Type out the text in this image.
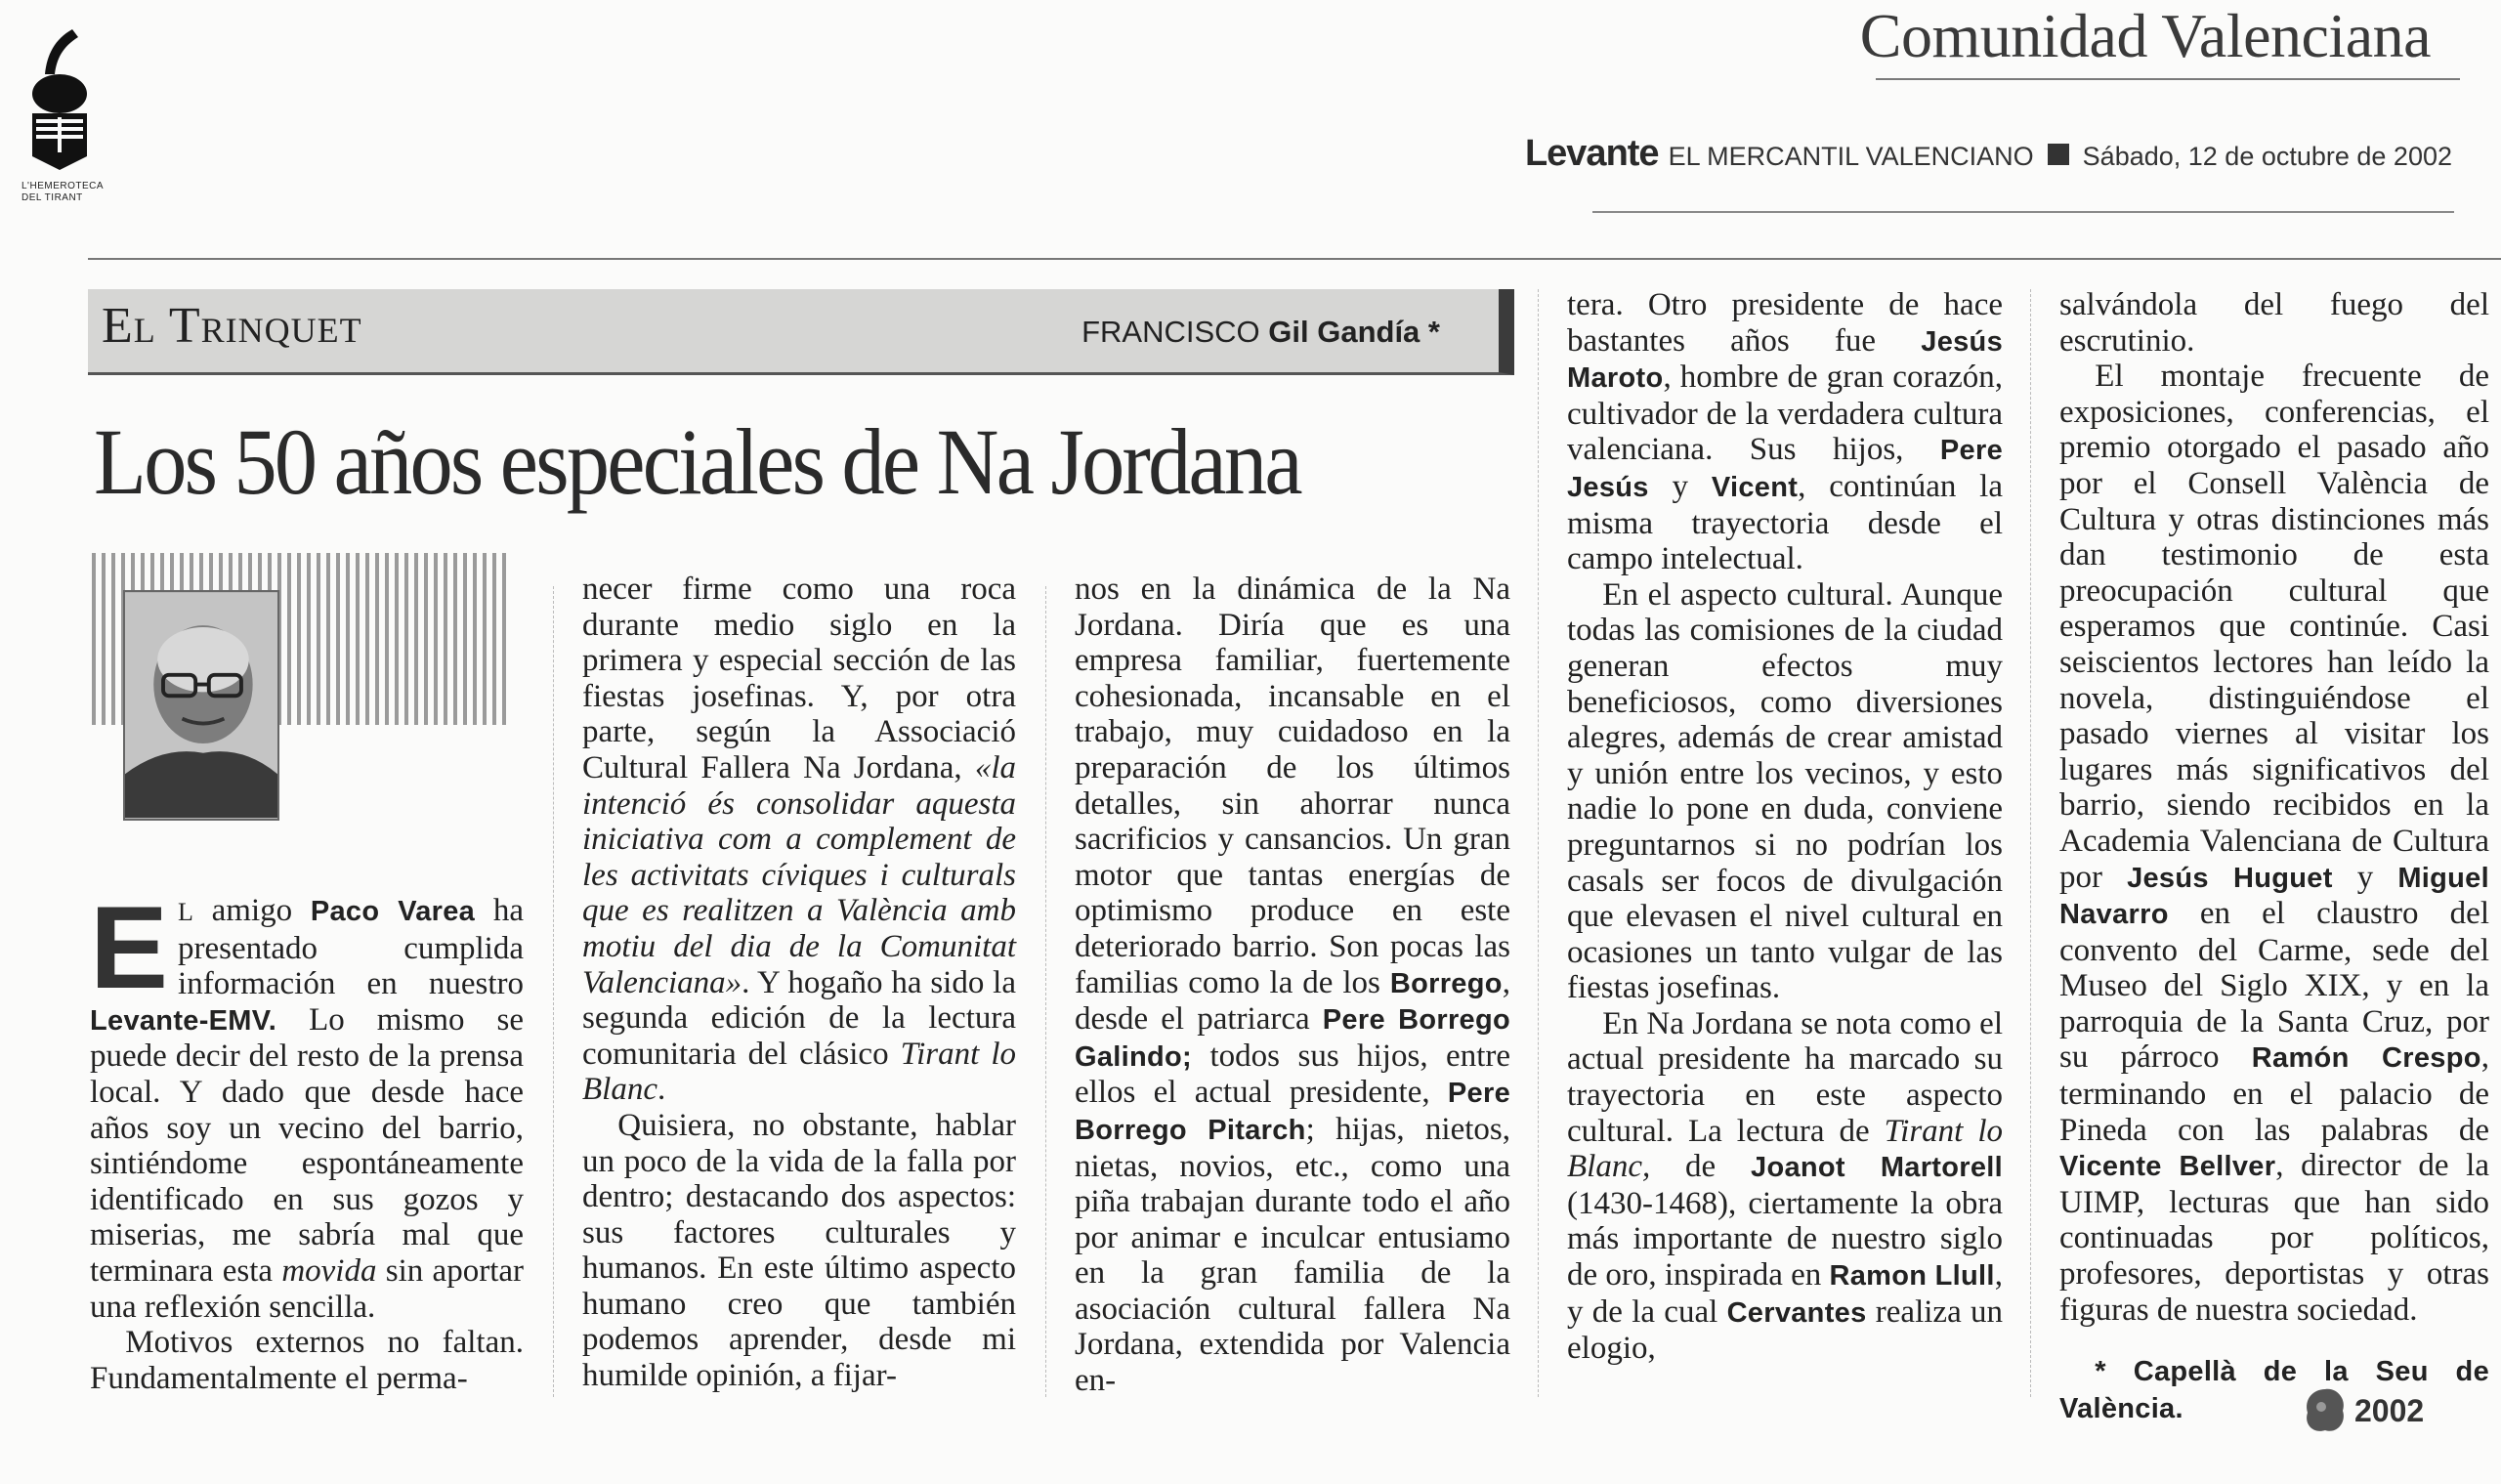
L'HEMEROTECA
DEL TIRANT
Comunidad Valenciana
Levante EL MERCANTIL VALENCIANO Sábado, 12 de octubre de 2002
El Trinquet	FRANCISCO Gil Gandía *
Los 50 años especiales de Na Jordana

E L amigo Paco Varea ha presentado cumplida información en nuestro Levante-EMV. Lo mismo se puede decir del resto de la prensa local. Y dado que desde hace años soy un vecino del barrio, sintiéndome espontáneamente identificado en sus gozos y miserias, me sabría mal que terminara esta movida sin aportar una reflexión sencilla.

Motivos externos no faltan. Fundamentalmente el perma-

necer firme como una roca durante medio siglo en la primera y especial sección de las fiestas josefinas. Y, por otra parte, según la Associació Cultural Fallera Na Jordana, «la intenció és consolidar aquesta iniciativa com a complement de les activitats cíviques i culturals que es realitzen a València amb motiu del dia de la Comunitat Valenciana». Y hogaño ha sido la segunda edición de la lectura comunitaria del clásico Tirant lo Blanc.

Quisiera, no obstante, hablar un poco de la vida de la falla por dentro; destacando dos aspectos: sus factores culturales y humanos. En este último aspecto humano creo que también podemos aprender, desde mi humilde opinión, a fijar-

nos en la dinámica de la Na Jordana. Diría que es una empresa familiar, fuertemente cohesionada, incansable en el trabajo, muy cuidadoso en la preparación de los últimos detalles, sin ahorrar nunca sacrificios y cansancios. Un gran motor que tantas energías de optimismo produce en este deteriorado barrio. Son pocas las familias como la de los Borrego, desde el patriarca Pere Borrego Galindo; todos sus hijos, entre ellos el actual presidente, Pere Borrego Pitarch; hijas, nietos, nietas, novios, etc., como una piña trabajan durante todo el año por animar e inculcar entusiamo en la gran familia de la asociación cultural fallera Na Jordana, extendida por Valencia en-

tera. Otro presidente de hace bastantes años fue Jesús Maroto, hombre de gran corazón, cultivador de la verdadera cultura valenciana. Sus hijos, Pere Jesús y Vicent, continúan la misma trayectoria desde el campo intelectual.

En el aspecto cultural. Aunque todas las comisiones de la ciudad generan efectos muy beneficiosos, como diversiones alegres, además de crear amistad y unión entre los vecinos, y esto nadie lo pone en duda, conviene preguntarnos si no podrían los casals ser focos de divulgación que elevasen el nivel cultural en ocasiones un tanto vulgar de las fiestas josefinas.

En Na Jordana se nota como el actual presidente ha marcado su trayectoria en este aspecto cultural. La lectura de Tirant lo Blanc, de Joanot Martorell (1430-1468), ciertamente la obra más importante de nuestro siglo de oro, inspirada en Ramon Llull, y de la cual Cervantes realiza un elogio,

salvándola del fuego del escrutinio.

El montaje frecuente de exposiciones, conferencias, el premio otorgado el pasado año por el Consell València de Cultura y otras distinciones más dan testimonio de esta preocupación cultural que esperamos que continúe. Casi seiscientos lectores han leído la novela, distinguiéndose el pasado viernes al visitar los lugares más significativos del barrio, siendo recibidos en la Academia Valenciana de Cultura por Jesús Huguet y Miguel Navarro en el claustro del convento del Carme, sede del Museo del Siglo XIX, y en la parroquia de la Santa Cruz, por su párroco Ramón Crespo, terminando en el palacio de Pineda con las palabras de Vicente Bellver, director de la UIMP, lecturas que han sido continuadas por políticos, profesores, deportistas y otras figuras de nuestra sociedad.

* Capellà de la Seu de València.	2002
